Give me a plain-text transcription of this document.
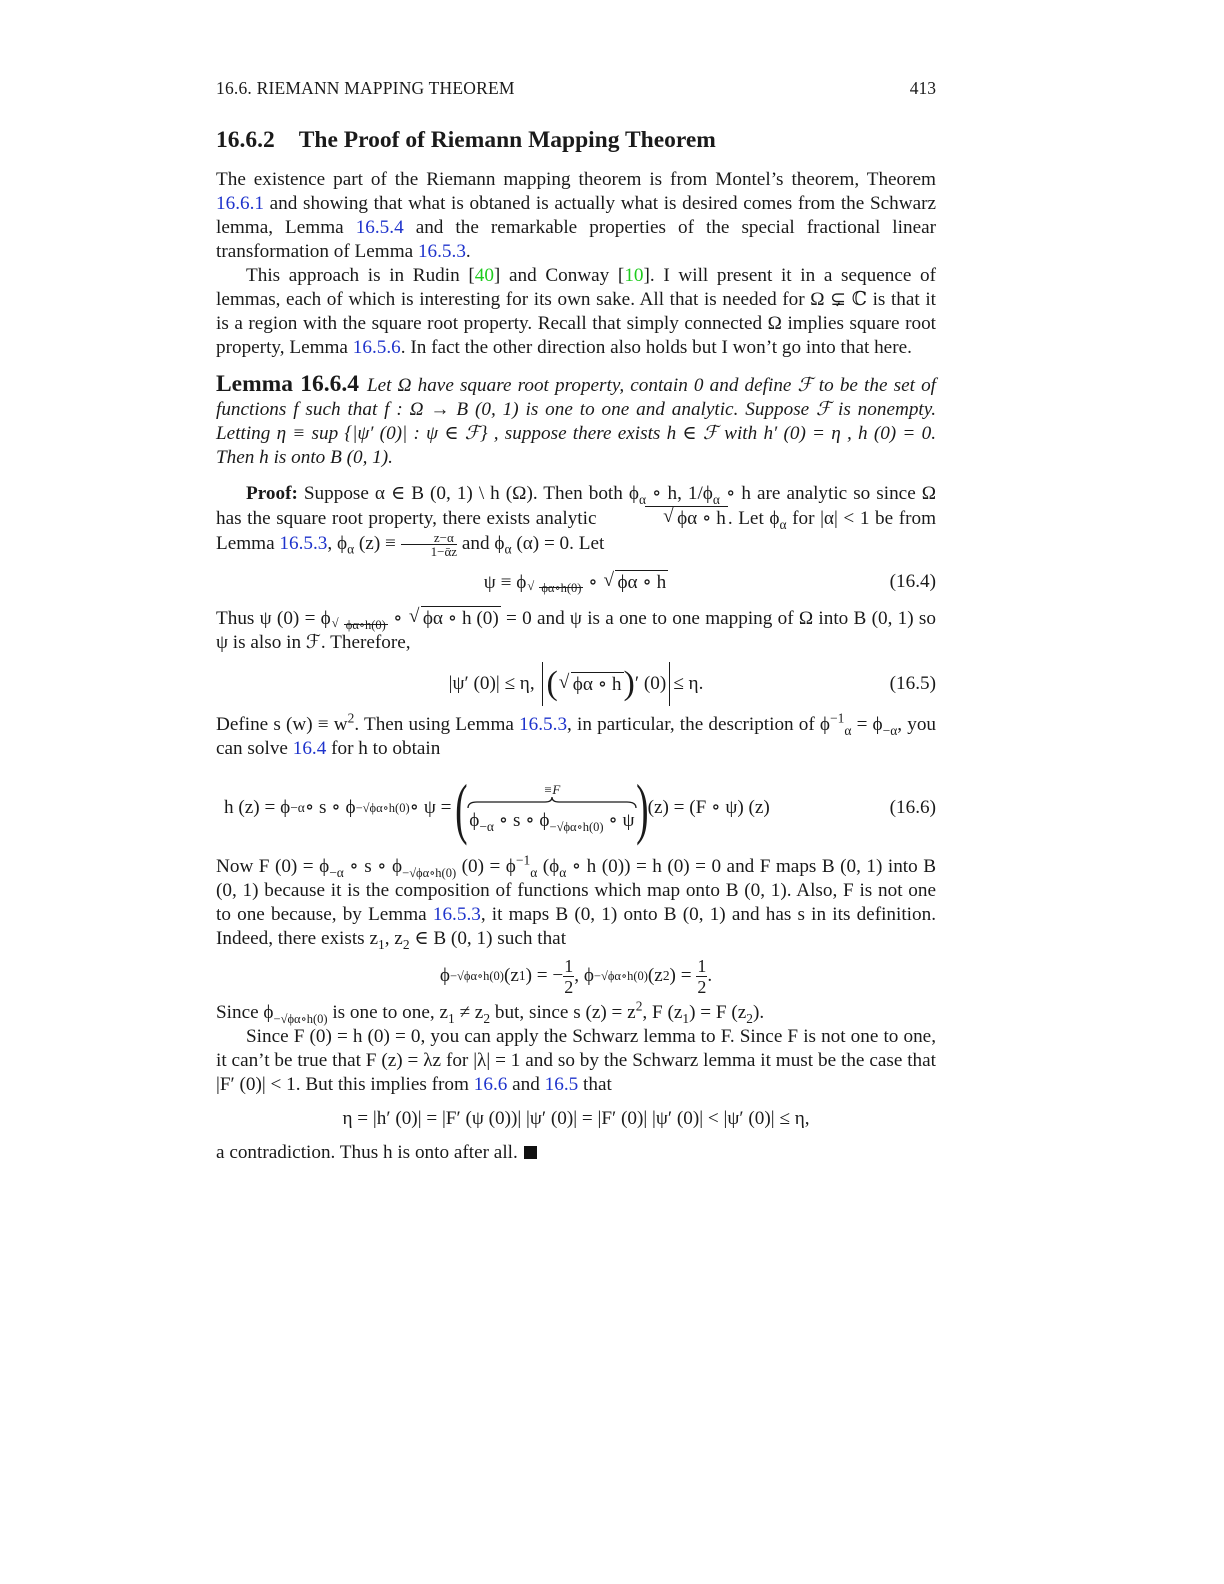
16.6. RIEMANN MAPPING THEOREM	413
16.6.2 The Proof of Riemann Mapping Theorem

The existence part of the Riemann mapping theorem is from Montel’s theorem, Theorem 16.6.1 and showing that what is obtaned is actually what is desired comes from the Schwarz lemma, Lemma 16.5.4 and the remarkable properties of the special fractional linear transformation of Lemma 16.5.3.

This approach is in Rudin [40] and Conway [10]. I will present it in a sequence of lemmas, each of which is interesting for its own sake. All that is needed for Ω ⊊ ℂ is that it is a region with the square root property. Recall that simply connected Ω implies square root property, Lemma 16.5.6. In fact the other direction also holds but I won’t go into that here.

Lemma 16.6.4 Let Ω have square root property, contain 0 and define ℱ to be the set of functions f such that f : Ω → B (0, 1) is one to one and analytic. Suppose ℱ is nonempty. Letting η ≡ sup {|ψ′ (0)| : ψ ∈ ℱ} , suppose there exists h ∈ ℱ with h′ (0) = η , h (0) = 0. Then h is onto B (0, 1).

Proof: Suppose α ∈ B (0, 1) \ h (Ω). Then both $\phi_\alpha$ ∘ h, $1/\phi_\alpha$ ∘ h are analytic so since Ω has the square root property, there exists analytic	√ ϕα ∘ h . Let $\phi_\alpha$ for |α| < 1 be from Lemma 16.5.3, $\phi_\alpha$ $(z) \equiv \frac{z-\alpha}{\text{1−ᾱz}}$ and $\phi_\alpha$ (α) = 0. Let

ψ ≡ ϕ √ $_{\phi\alpha\circ h(0)}$ ∘ √ ϕα ∘ h	(16.4)

Thus ψ (0) = ϕ √ $_{\phi\alpha\circ h(0)}$ ∘ √ ϕα ∘ h (0) = 0 and ψ is a one to one mapping of Ω into B (0, 1) so ψ is also in ℱ. Therefore,

|ψ′ (0)| ≤ η,
( √ ϕα ∘ h ) ′ (0) ≤ η.	(16.5)

Define s $(w) \equiv w^2$. Then using Lemma 16.5.3, in particular, the description of $\phi^{-1}_\alpha = \phi_{-\alpha}$, you can solve 16.4 for h to obtain

h (z) = ϕ −α ∘ s ∘ ϕ −√ϕα∘h(0) ∘ ψ =
(	≡F
$\phi_{-\alpha}$ ∘ s ∘ $\phi_{-√\phi\alpha\circ h(0)}$ ∘ ψ ) (z) = (F ∘ ψ) (z)	(16.6)

Now F $(0) = \phi_{-\alpha}$ ∘ s ∘ $\phi_{-√\phi\alpha\circ h(0)}$ $(0) = \phi^{-1}_\alpha$ ($\phi_\alpha$ ∘ h (0)) = h (0) = 0 and F maps B (0, 1) into B (0, 1) because it is the composition of functions which map onto B (0, 1). Also, F is not one to one because, by Lemma 16.5.3, it maps B (0, 1) onto B (0, 1) and has s in its definition. Indeed, there exists $z_1$, $z_2$ ∈ B (0, 1) such that

ϕ −√ϕα∘h(0) (z 1 ) = − $\frac{1}{2}$ , ϕ −√ϕα∘h(0) (z 2 ) =
$\frac{1}{2}$ .

Since $\phi_{-√\phi\alpha\circ h(0)}$ is one to one, $z_1 \ne z_2$ but, since s $(z) = z^2$, F $(z_1) = F$ $(z_2)$.

Since F (0) = h (0) = 0, you can apply the Schwarz lemma to F. Since F is not one to one, it can’t be true that F (z) = λz for |λ| = 1 and so by the Schwarz lemma it must be the case that |F′ (0)| < 1. But this implies from 16.6 and 16.5 that

η = |h′ (0)| = |F′ (ψ (0))| |ψ′ (0)| = |F′ (0)| |ψ′ (0)| < |ψ′ (0)| ≤ η,

a contradiction. Thus h is onto after all.
